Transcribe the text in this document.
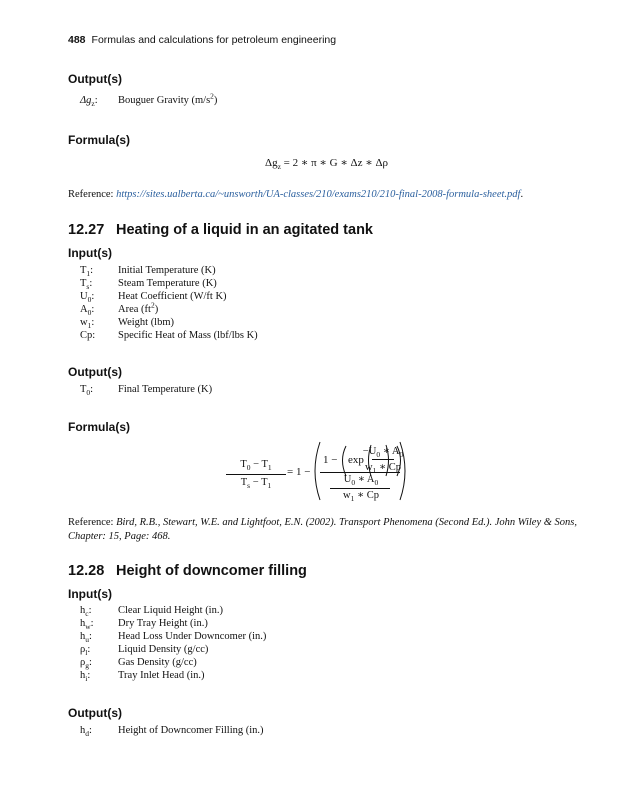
488 Formulas and calculations for petroleum engineering
Output(s)
$\Delta g_z$: Bouguer Gravity $(m/s^2)$
Formula(s)
$\Delta g_z = 2$ ∗ π ∗ G ∗ Δz ∗ Δρ
Reference: https://sites.ualberta.ca/~unsworth/UA-classes/210/exams210/210-final-2008-formula-sheet.pdf.
12.27 Heating of a liquid in an agitated tank
Input(s)
$T_1$: Initial Temperature (K)
$T_s$: Steam Temperature (K)
$U_0$: Heat Coefficient (W/ft K)
$A_0$: Area $(ft^2)$
$w_1$: Weight (lbm)
Cp: Specific Heat of Mass (lbf/lbs K)
Output(s)
$T_0$: Final Temperature (K)
Formula(s)
$T_0 - T_1$
$T_s - T_1$
= 1 −
1 − exp
$-U_0$ ∗ $A_0$
$w_1$ ∗ Cp
$U_0$ ∗ $A_0$
$w_1$ ∗ Cp
Reference: Bird, R.B., Stewart, W.E. and Lightfoot, E.N. (2002). Transport Phenomena (Second Ed.). John Wiley & Sons,
Chapter: 15, Page: 468.
12.28 Height of downcomer filling
Input(s)
$h_c$:	Clear Liquid Height (in.)
$h_w$: Dry Tray Height (in.)
$h_u$: Head Loss Under Downcomer (in.)
$\rho_l$:	Liquid Density (g/cc)
$\rho_g$: Gas Density (g/cc)
$h_i$:	Tray Inlet Head (in.)
Output(s)
$h_d$: Height of Downcomer Filling (in.)
